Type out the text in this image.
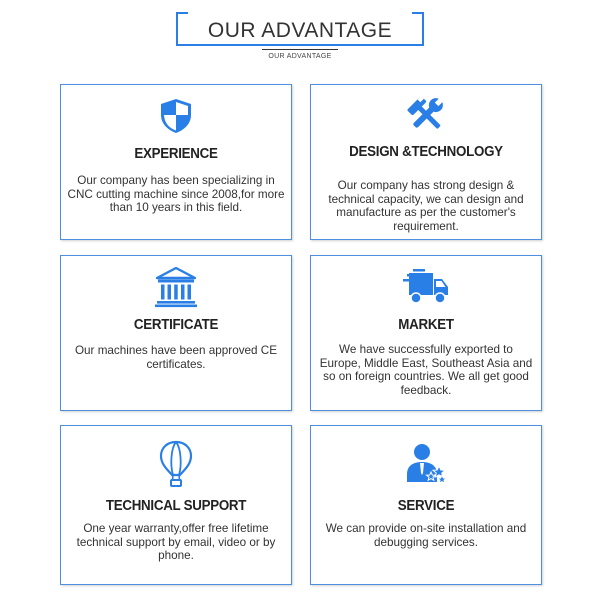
OUR ADVANTAGE
OUR ADVANTAGE
EXPERIENCE
Our company has been specializing in CNC cutting machine since 2008,for more than 10 years in this field.
DESIGN &TECHNOLOGY
Our company has strong design & technical capacity, we can design and manufacture as per the customer's requirement.
CERTIFICATE
Our machines have been approved CE certificates.
MARKET
We have successfully exported to Europe, Middle East, Southeast Asia and so on foreign countries. We all get good feedback.
TECHNICAL SUPPORT
One year warranty,offer free lifetime technical support by email, video or by phone.
SERVICE
We can provide on-site installation and debugging services.
